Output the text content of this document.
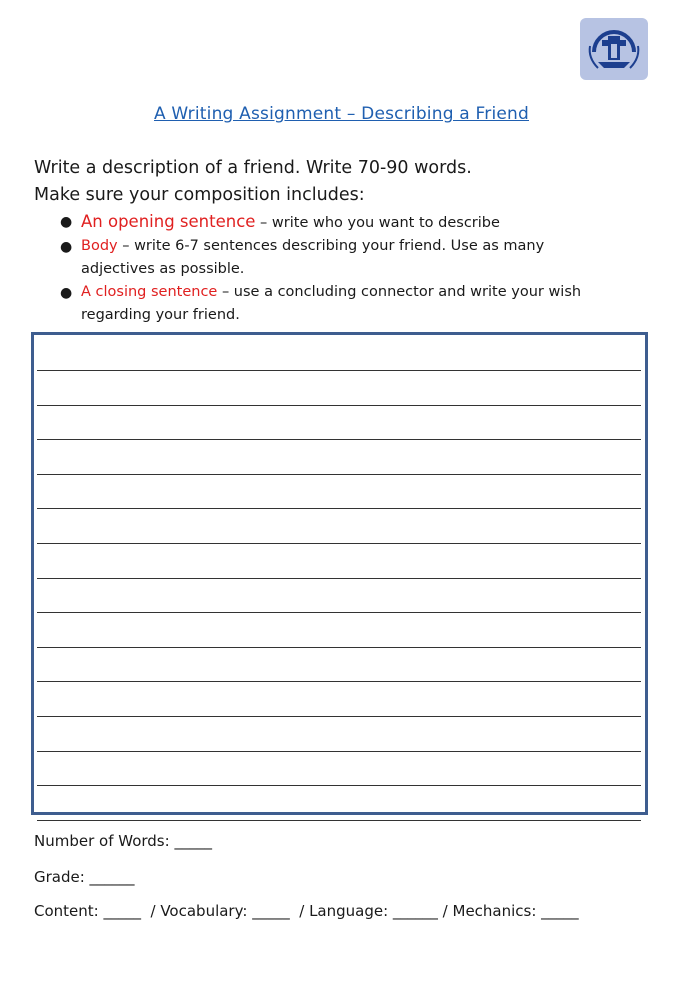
A Writing Assignment – Describing a Friend
Write a description of a friend. Write 70-90 words.
Make sure your composition includes:
● An opening sentence – write who you want to describe
● Body – write 6-7 sentences describing your friend. Use as many adjectives as possible.
● A closing sentence – use a concluding connector and write your wish regarding your friend.
Number of Words: _____
Grade: ______
Content: _____  / Vocabulary: _____  / Language: ______ / Mechanics: _____
